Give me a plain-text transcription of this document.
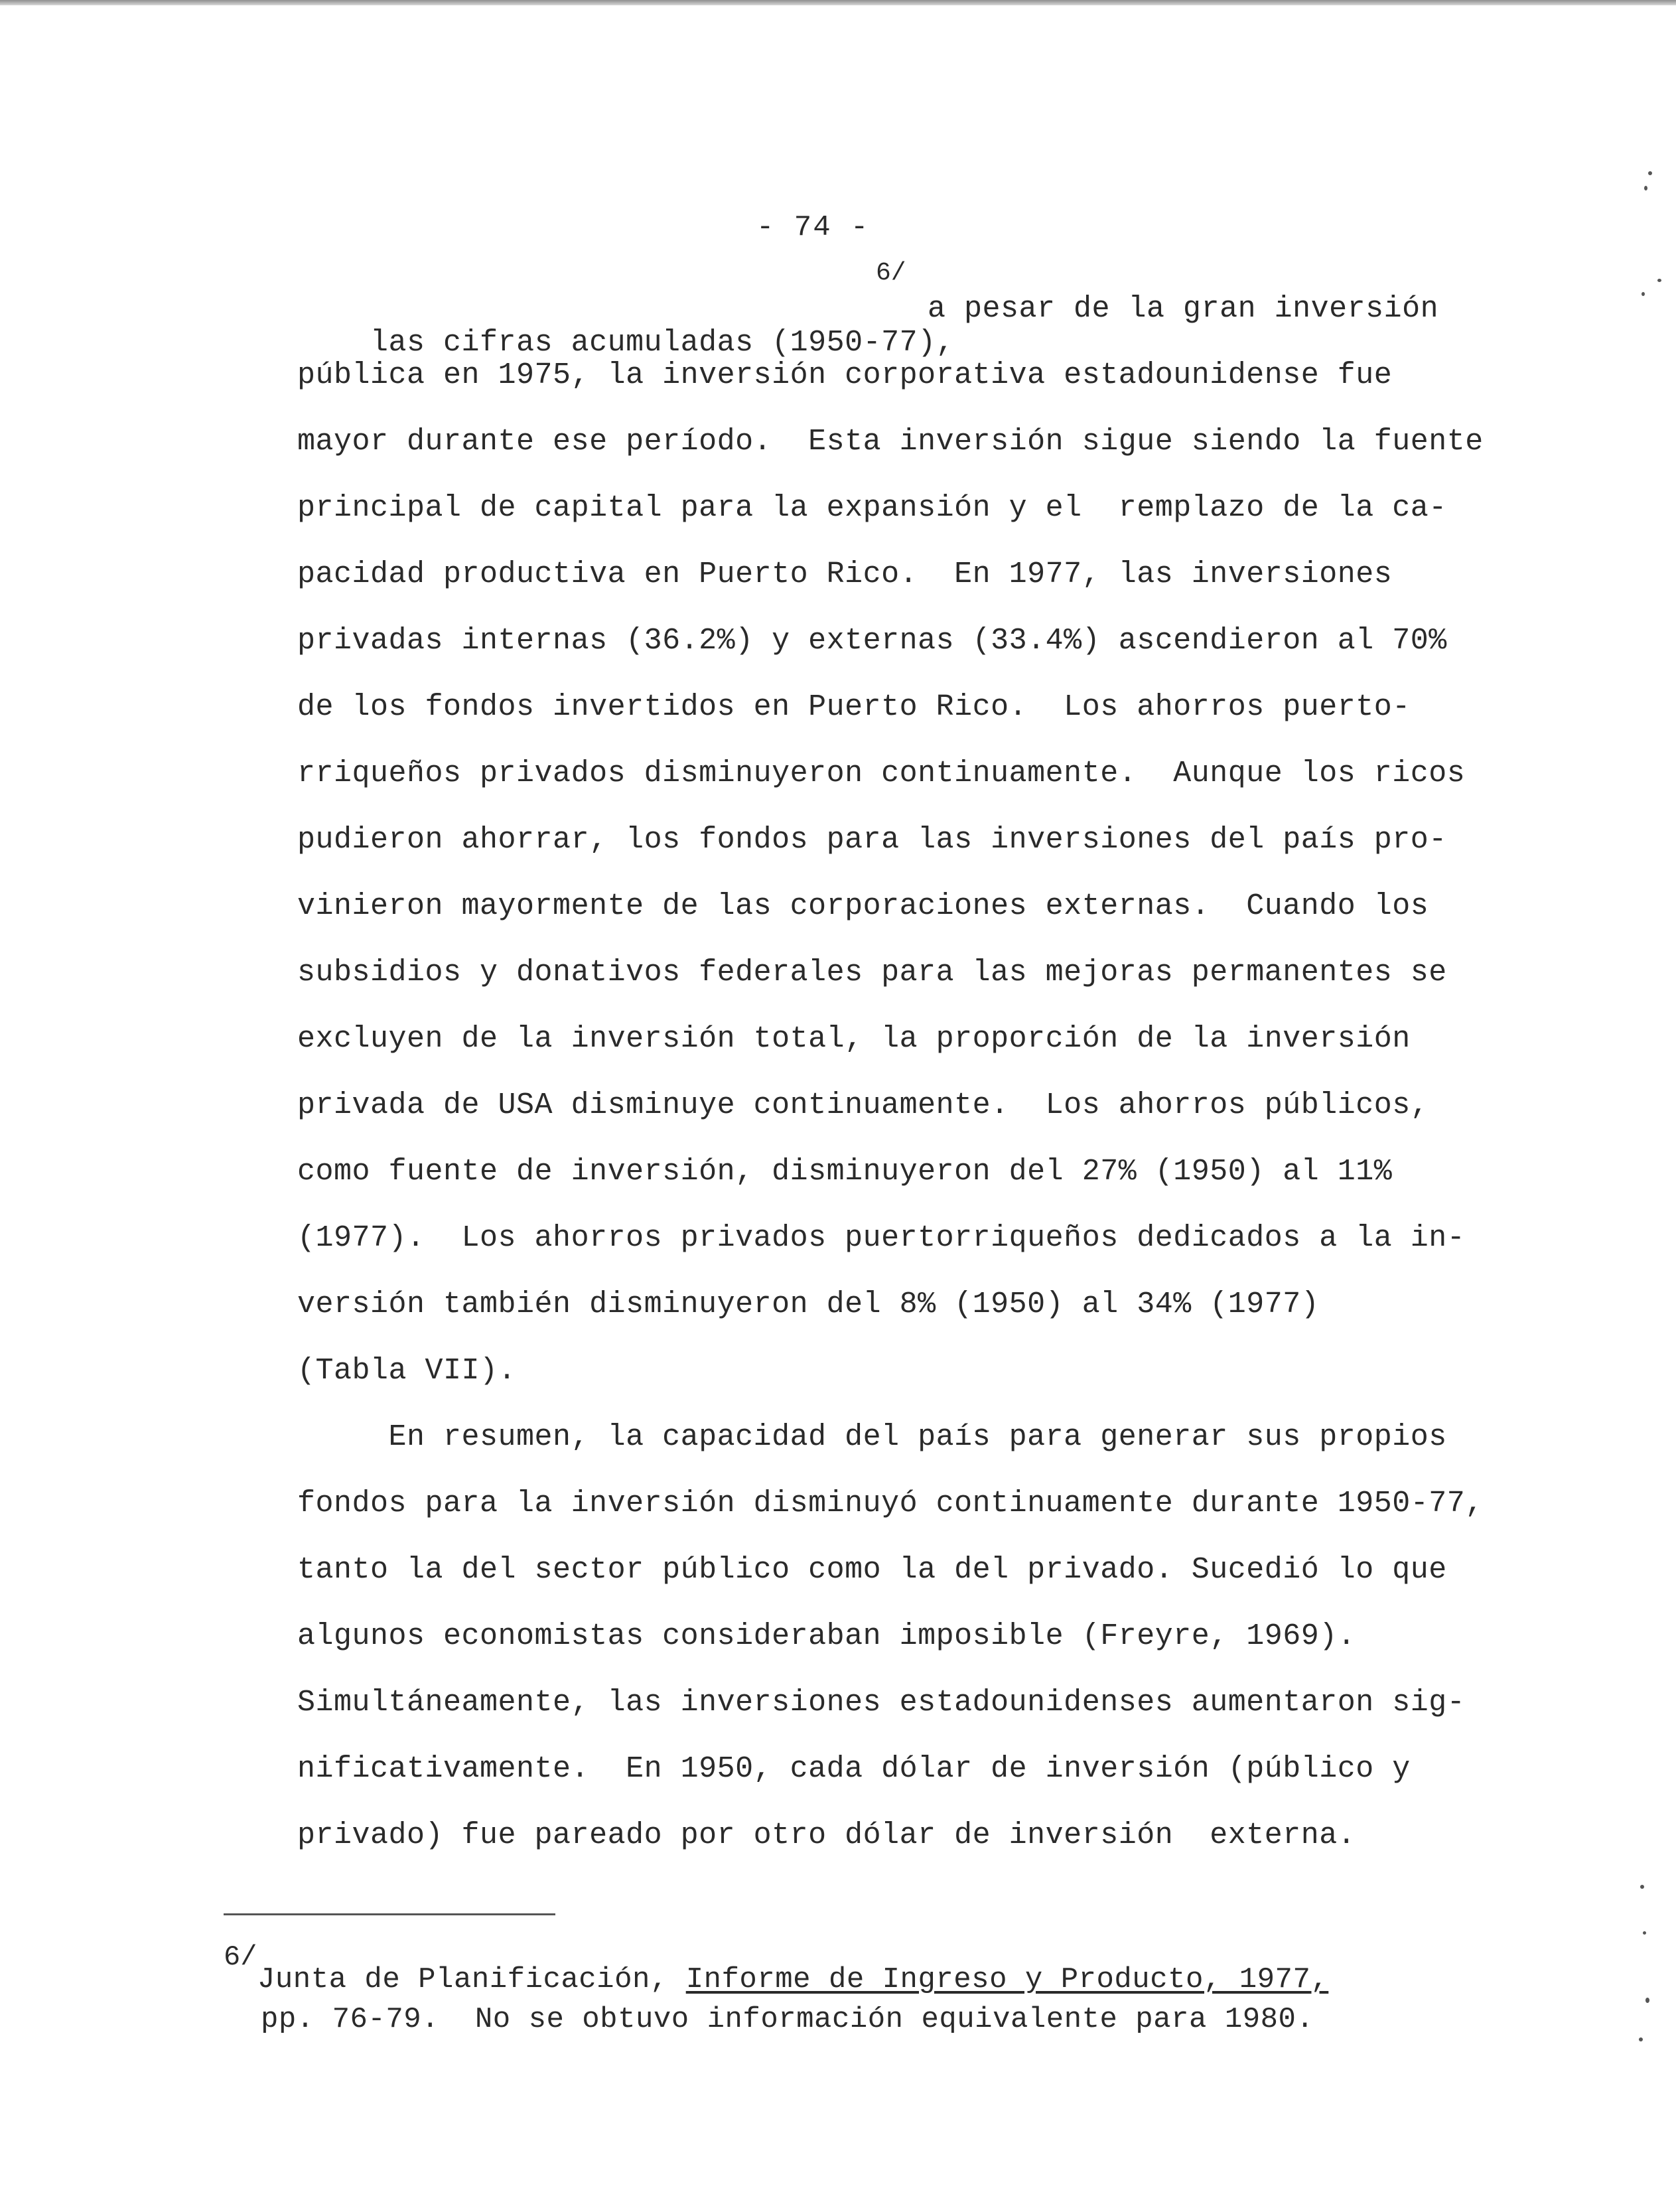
- 74 -

las cifras acumuladas (1950-77),

6/
a pesar de la gran inversión
pública en 1975, la inversión corporativa estadounidense fue
mayor durante ese período.  Esta inversión sigue siendo la fuente
principal de capital para la expansión y el  remplazo de la ca-
pacidad productiva en Puerto Rico.  En 1977, las inversiones
privadas internas (36.2%) y externas (33.4%) ascendieron al 70%
de los fondos invertidos en Puerto Rico.  Los ahorros puerto-
rriqueños privados disminuyeron continuamente.  Aunque los ricos
pudieron ahorrar, los fondos para las inversiones del país pro-
vinieron mayormente de las corporaciones externas.  Cuando los
subsidios y donativos federales para las mejoras permanentes se
excluyen de la inversión total, la proporción de la inversión
privada de USA disminuye continuamente.  Los ahorros públicos,
como fuente de inversión, disminuyeron del 27% (1950) al 11%
(1977).  Los ahorros privados puertorriqueños dedicados a la in-
versión también disminuyeron del 8% (1950) al 34% (1977)
(Tabla VII).
En resumen, la capacidad del país para generar sus propios
fondos para la inversión disminuyó continuamente durante 1950-77,
tanto la del sector público como la del privado. Sucedió lo que
algunos economistas consideraban imposible (Freyre, 1969).
Simultáneamente, las inversiones estadounidenses aumentaron sig-
nificativamente.  En 1950, cada dólar de inversión (público y
privado) fue pareado por otro dólar de inversión  externa.
6/
Junta de Planificación, Informe de Ingreso y Producto, 1977,
pp. 76-79.  No se obtuvo información equivalente para 1980.
